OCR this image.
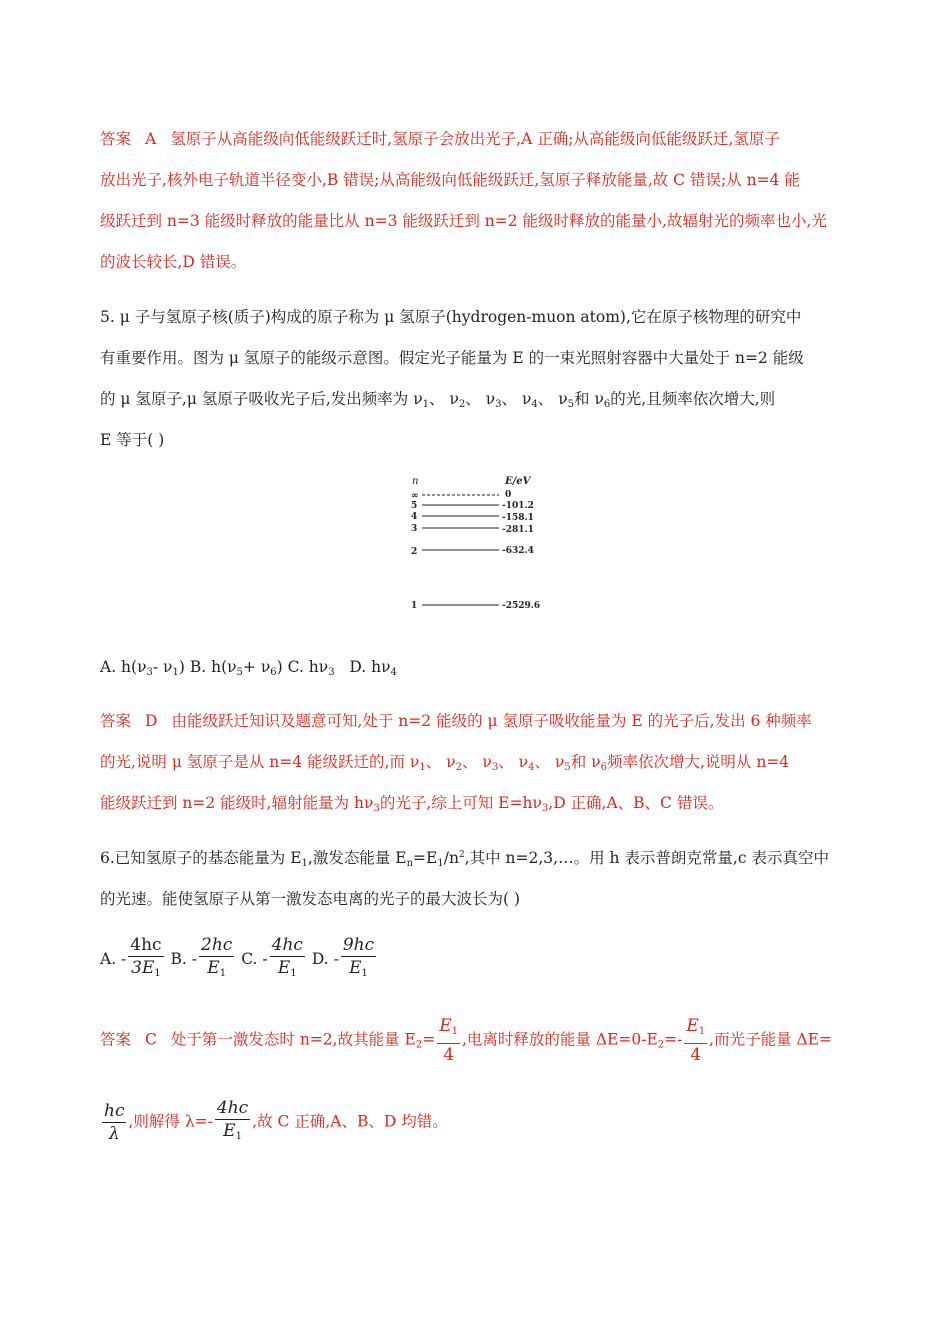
答案 A 氢原子从高能级向低能级跃迁时,氢原子会放出光子,A 正确;从高能级向低能级跃迁,氢原子
放出光子,核外电子轨道半径变小,B 错误;从高能级向低能级跃迁,氢原子释放能量,故 C 错误;从 n=4 能
级跃迁到 n=3 能级时释放的能量比从 n=3 能级跃迁到 n=2 能级时释放的能量小,故辐射光的频率也小,光
的波长较长,D 错误。
5. μ 子与氢原子核(质子)构成的原子称为 μ 氢原子(hydrogen-muon atom),它在原子核物理的研究中
有重要作用。图为 μ 氢原子的能级示意图。假定光子能量为 E 的一束光照射容器中大量处于 n=2 能级
的 μ 氢原子,μ 氢原子吸收光子后,发出频率为 $\nu_1$、 $\nu_2$、 $\nu_3$、 $\nu_4$、 $\nu_5$和 $\nu_6$的光,且频率依次增大,则
E 等于( )
n	E/eV
∞	0
5	-101.2
4	-158.1
3	-281.1
2	-632.4
1	-2529.6
A. $h(\nu_3-$ $\nu_1$) B. $h(\nu_5+ \nu_6)$ C. $h\nu_3$ D. $h\nu_4$
答案 D 由能级跃迁知识及题意可知,处于 n=2 能级的 μ 氢原子吸收能量为 E 的光子后,发出 6 种频率
的光,说明 μ 氢原子是从 n=4 能级跃迁的,而 $\nu_1$、 $\nu_2$、 $\nu_3$、 $\nu_4$、 $\nu_5$和 $\nu_6$频率依次增大,说明从 n=4
能级跃迁到 n=2 能级时,辐射能量为 $h\nu_3$的光子,综上可知 $E=h\nu_3,D$ 正确,A、B、C 错误。
6.已知氢原子的基态能量为 $E_1$,激发态能量 $E_n=E_1/n^2$,其中 n=2,3,…。用 h 表示普朗克常量,c 表示真空中
的光速。能使氢原子从第一激发态电离的光子的最大波长为( )
A. - $\frac{4hc}{3E1} B$. - $\frac{2hc}{E1} C$. - $\frac{4hc}{E1} D$. - $\frac{9hc}{E1}$
答案 C 处于第一激发态时 n=2,故其能量 $E_2= \frac{E1}{4}$ ,电离时释放的能量 $\Delta E=0-E_2=- \frac{E1}{4}$ ,而光子能量 ΔE=
$\frac{hc}{\lambda}$ ,则解得 $\lambda=- \frac{4hc}{E1}$ ,故 C 正确,A、B、D 均错。
